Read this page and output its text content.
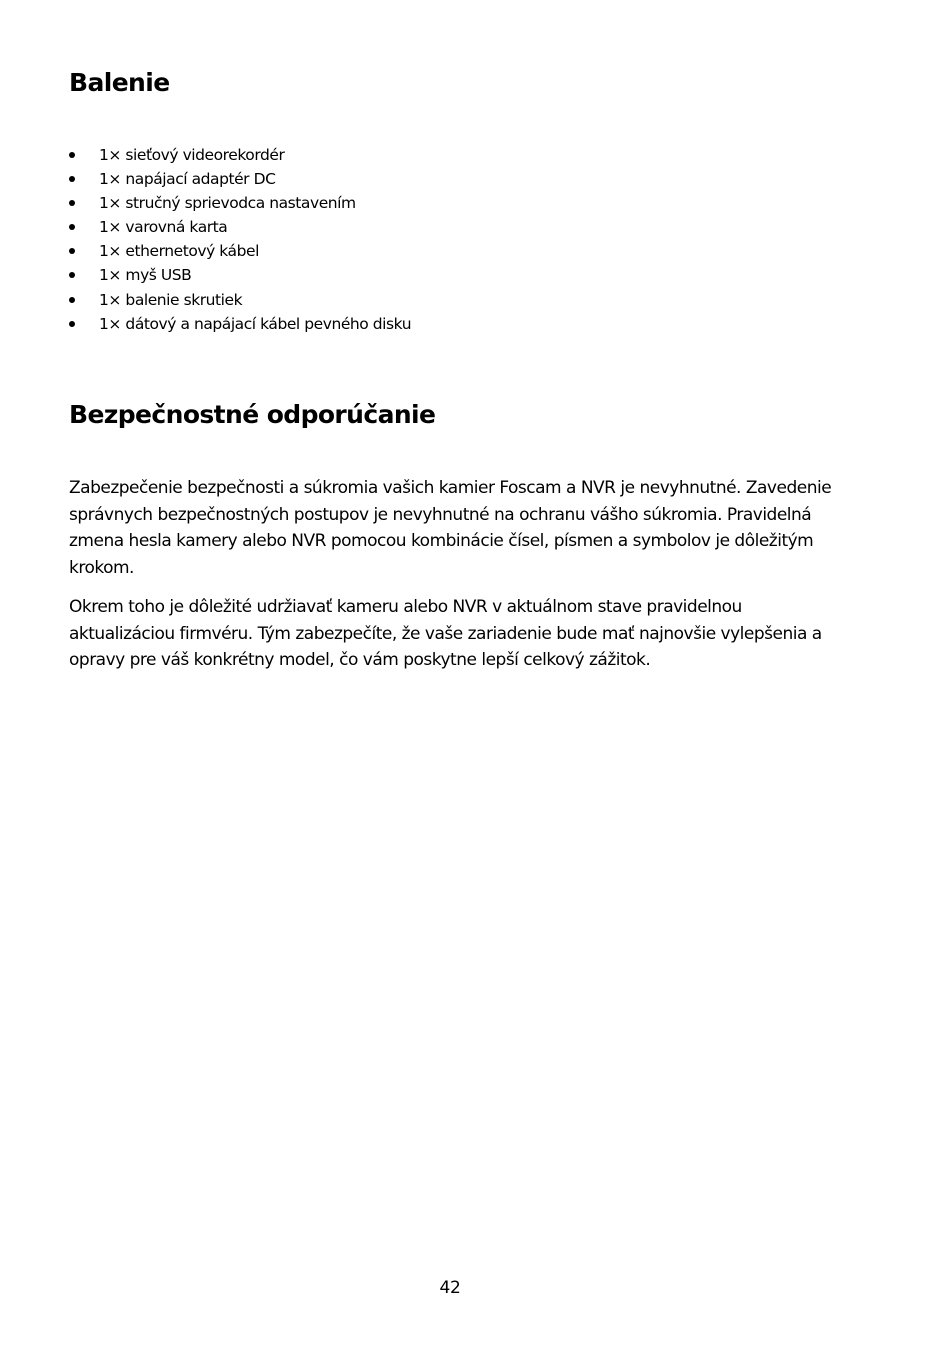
Balenie
1× sieťový videorekordér
1× napájací adaptér DC
1× stručný sprievodca nastavením
1× varovná karta
1× ethernetový kábel
1× myš USB
1× balenie skrutiek
1× dátový a napájací kábel pevného disku
Bezpečnostné odporúčanie

Zabezpečenie bezpečnosti a súkromia vašich kamier Foscam a NVR je nevyhnutné. Zavedenie správnych bezpečnostných postupov je nevyhnutné na ochranu vášho súkromia. Pravidelná zmena hesla kamery alebo NVR pomocou kombinácie čísel, písmen a symbolov je dôležitým krokom.

Okrem toho je dôležité udržiavať kameru alebo NVR v aktuálnom stave pravidelnou aktualizáciou firmvéru. Tým zabezpečíte, že vaše zariadenie bude mať najnovšie vylepšenia a opravy pre váš konkrétny model, čo vám poskytne lepší celkový zážitok.

42
